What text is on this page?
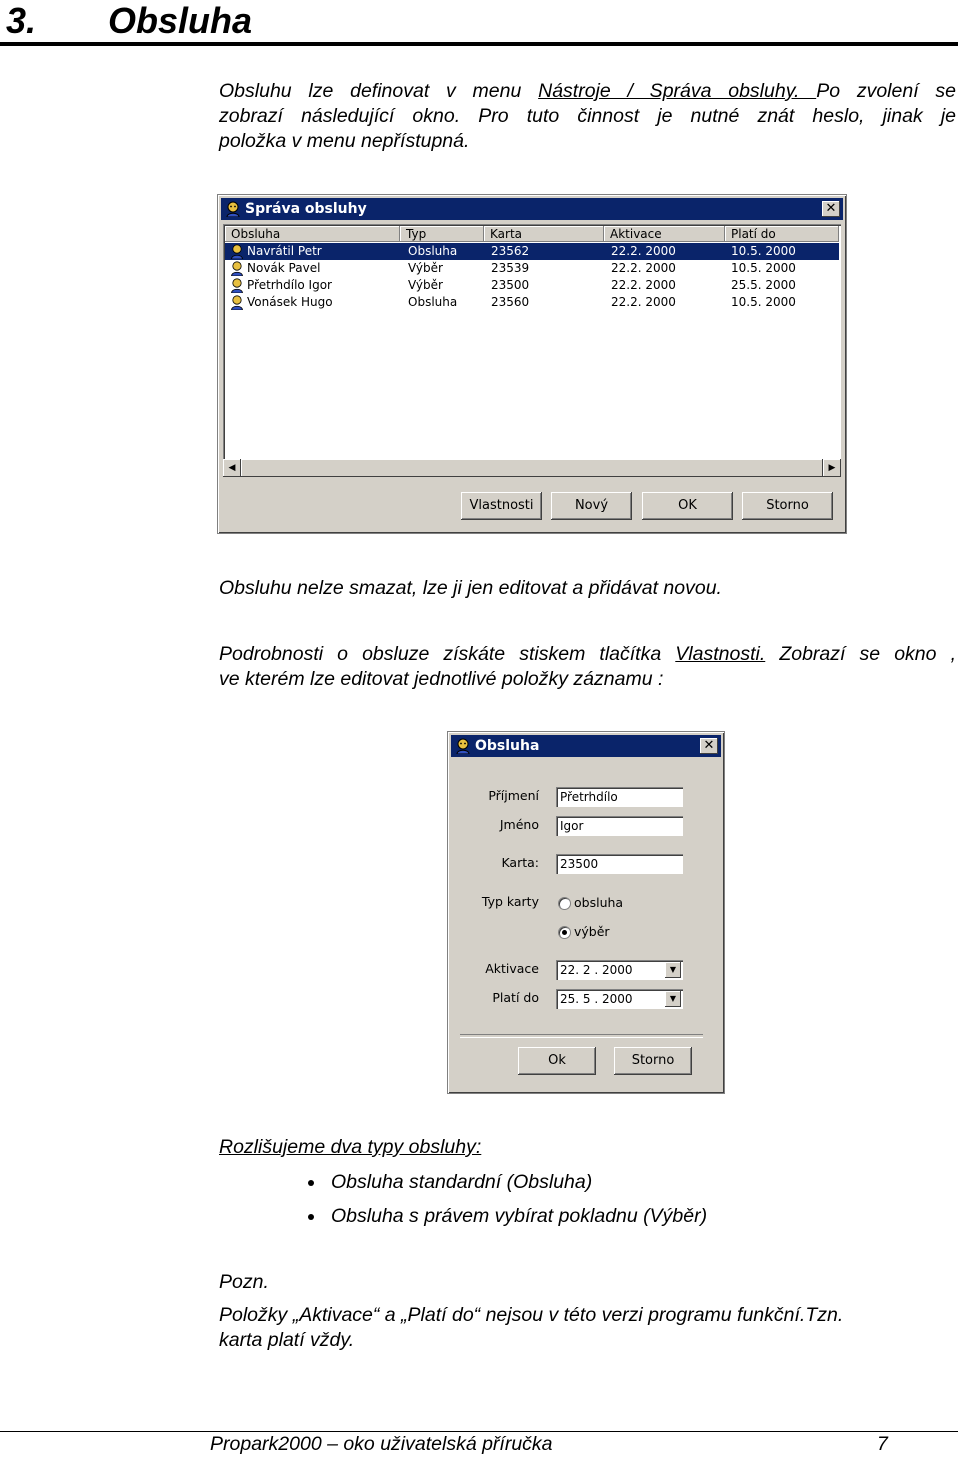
3. Obsluha
Obsluhu lze definovat v menu Nástroje / Správa obsluhy. Po zvolení se
zobrazí následující okno. Pro tuto činnost je nutné znát heslo, jinak je
položka v menu nepřístupná.
Správa obsluhy	✕
Obsluha	Typ	Karta	Aktivace	Platí do
Navrátil Petr	Obsluha	23562	22.2. 2000	10.5. 2000
Novák Pavel	Výběr	23539	22.2. 2000	10.5. 2000
Přetrhdílo Igor	Výběr	23500	22.2. 2000	25.5. 2000
Vonásek Hugo	Obsluha	23560	22.2. 2000	10.5. 2000
◀	▶
Vlastnosti	Nový	OK	Storno
Obsluhu nelze smazat, lze ji jen editovat a přidávat novou.
Podrobnosti o obsluze získáte stiskem tlačítka Vlastnosti. Zobrazí se okno ,
ve kterém lze editovat jednotlivé položky záznamu :
Obsluha	✕
Příjmení	Přetrhdílo
Jméno	Igor
Karta:	23500
Typ karty	obsluha
výběr
Aktivace	22. 2 . 2000	▼
Platí do	25. 5 . 2000	▼
Ok	Storno
Rozlišujeme dva typy obsluhy:
Obsluha standardní (Obsluha)
Obsluha s právem vybírat pokladnu (Výběr)
Pozn.
Položky „Aktivace“ a „Platí do“ nejsou v této verzi programu funkční.Tzn.
karta platí vždy.
Propark2000 – oko uživatelská příručka	7
